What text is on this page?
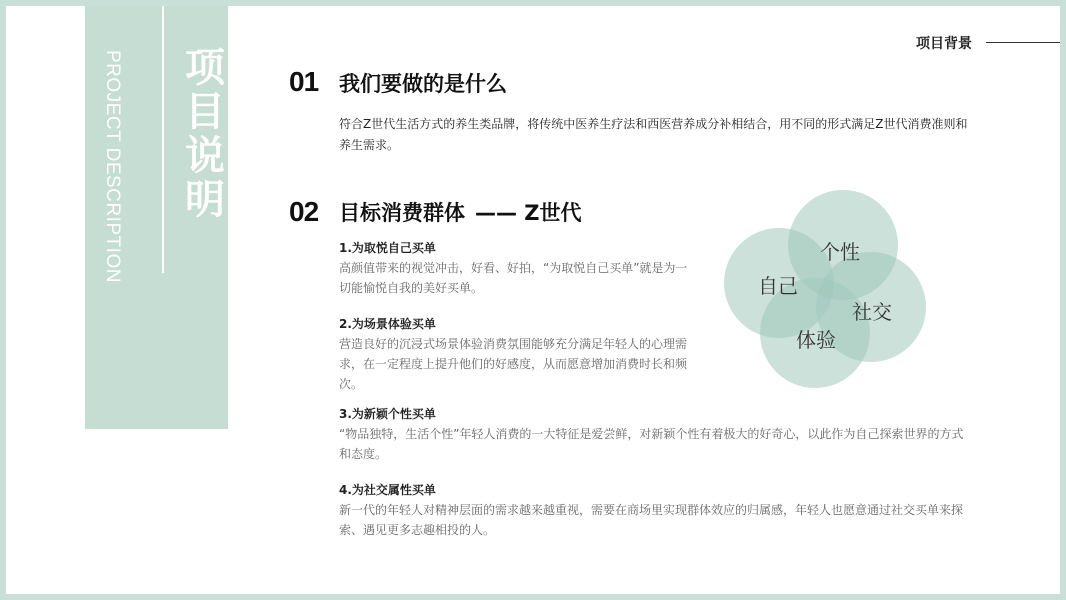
PROJECT DESCRIPTION 项目说明
项目背景
01 我们要做的是什么
符合Z世代生活方式的养生类品牌，将传统中医养生疗法和西医营养成分补相结合，用不同的形式满足Z世代消费准则和养生需求。
02 目标消费群体 —— Z世代
1.为取悦自己买单
高颜值带来的视觉冲击，好看、好拍，“为取悦自己买单”就是为一切能愉悦自我的美好买单。
2.为场景体验买单
营造良好的沉浸式场景体验消费氛围能够充分满足年轻人的心理需求，在一定程度上提升他们的好感度，从而愿意增加消费时长和频次。
3.为新颖个性买单
“物品独特，生活个性”年轻人消费的一大特征是爱尝鲜，对新颖个性有着极大的好奇心，以此作为自己探索世界的方式和态度。
4.为社交属性买单
新一代的年轻人对精神层面的需求越来越重视，需要在商场里实现群体效应的归属感，年轻人也愿意通过社交买单来探索、遇见更多志趣相投的人。
个性
自己
社交
体验
